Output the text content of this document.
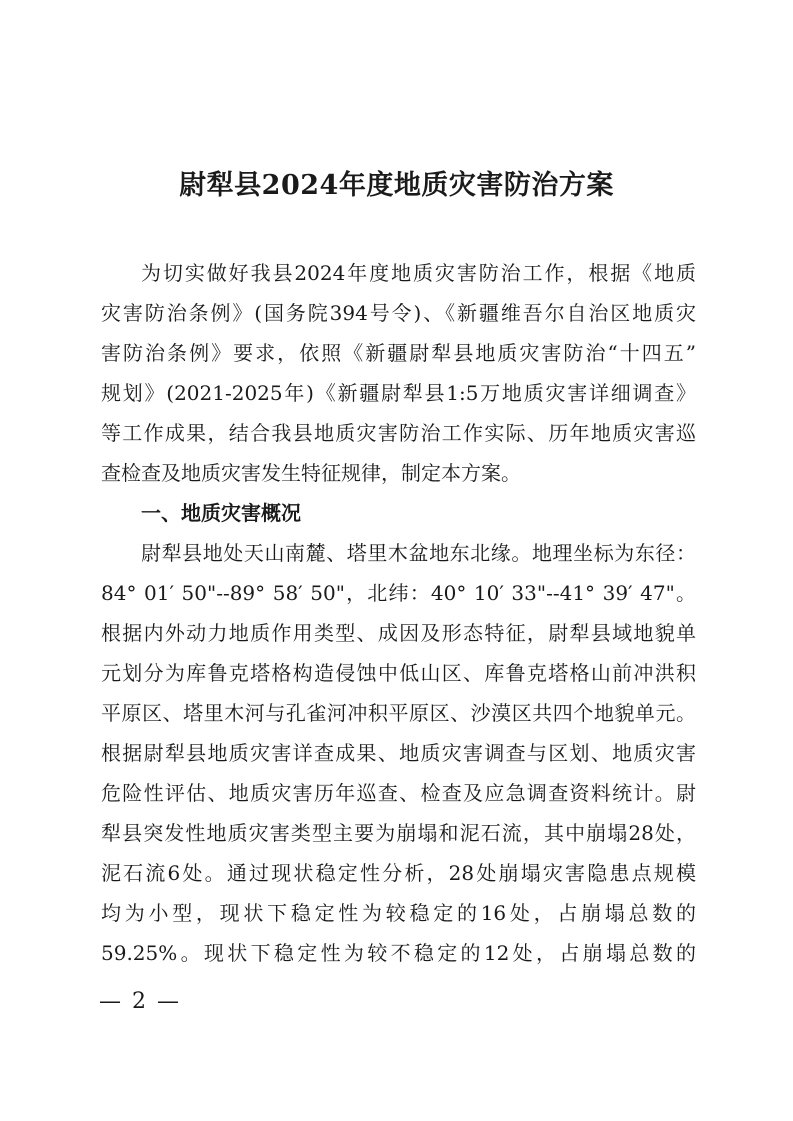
尉犁县2024年度地质灾害防治方案

为切实做好我县2024年度地质灾害防治工作，根据《地质

灾害防治条例》(国务院394号令)、《新疆维吾尔自治区地质灾

害防治条例》要求，依照《新疆尉犁县地质灾害防治“十四五”

规划》(2021-2025年)《新疆尉犁县1:5万地质灾害详细调查》

等工作成果，结合我县地质灾害防治工作实际、历年地质灾害巡

查检查及地质灾害发生特征规律，制定本方案。

一、地质灾害概况

尉犁县地处天山南麓、塔里木盆地东北缘。地理坐标为东径：

84° 01′ 50"--89° 58′ 50"，北纬：40° 10′ 33"--41° 39′ 47"。

根据内外动力地质作用类型、成因及形态特征，尉犁县域地貌单

元划分为库鲁克塔格构造侵蚀中低山区、库鲁克塔格山前冲洪积

平原区、塔里木河与孔雀河冲积平原区、沙漠区共四个地貌单元。

根据尉犁县地质灾害详查成果、地质灾害调查与区划、地质灾害

危险性评估、地质灾害历年巡查、检查及应急调查资料统计。尉

犁县突发性地质灾害类型主要为崩塌和泥石流，其中崩塌28处，

泥石流6处。通过现状稳定性分析，28处崩塌灾害隐患点规模

均为小型，现状下稳定性为较稳定的16处，占崩塌总数的

59.25%。现状下稳定性为较不稳定的12处，占崩塌总数的

— 2 —
